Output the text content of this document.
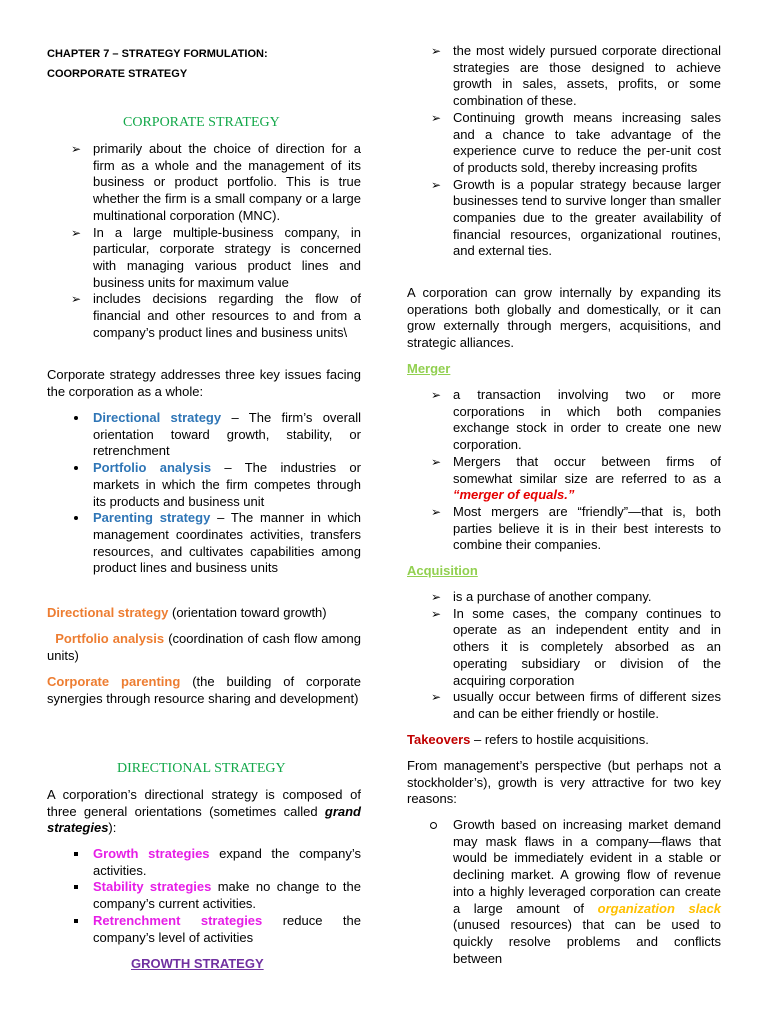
CHAPTER 7 – STRATEGY FORMULATION:
COORPORATE STRATEGY
CORPORATE STRATEGY
➢ primarily about the choice of direction for a firm as a whole and the management of its business or product portfolio. This is true whether the firm is a small company or a large multinational corporation (MNC).
➢ In a large multiple-business company, in particular, corporate strategy is concerned with managing various product lines and business units for maximum value
➢ includes decisions regarding the flow of financial and other resources to and from a company’s product lines and business units\
Corporate strategy addresses three key issues facing the corporation as a whole:
Directional strategy – The firm’s overall orientation toward growth, stability, or retrenchment
Portfolio analysis – The industries or markets in which the firm competes through its products and business unit
Parenting strategy – The manner in which management coordinates activities, transfers resources, and cultivates capabilities among product lines and business units
Directional strategy (orientation toward growth)
Portfolio analysis (coordination of cash flow among units)
Corporate parenting (the building of corporate synergies through resource sharing and development)
DIRECTIONAL STRATEGY
A corporation’s directional strategy is composed of three general orientations (sometimes called grand strategies):
Growth strategies expand the company’s activities.
Stability strategies make no change to the company’s current activities.
Retrenchment strategies reduce the company’s level of activities
GROWTH STRATEGY
➢ the most widely pursued corporate directional strategies are those designed to achieve growth in sales, assets, profits, or some combination of these.
➢ Continuing growth means increasing sales and a chance to take advantage of the experience curve to reduce the per-unit cost of products sold, thereby increasing profits
➢ Growth is a popular strategy because larger businesses tend to survive longer than smaller companies due to the greater availability of financial resources, organizational routines, and external ties.
A corporation can grow internally by expanding its operations both globally and domestically, or it can grow externally through mergers, acquisitions, and strategic alliances.
Merger
➢ a transaction involving two or more corporations in which both companies exchange stock in order to create one new corporation.
➢ Mergers that occur between firms of somewhat similar size are referred to as a “merger of equals.”
➢ Most mergers are “friendly”—that is, both parties believe it is in their best interests to combine their companies.
Acquisition
➢ is a purchase of another company.
➢ In some cases, the company continues to operate as an independent entity and in others it is completely absorbed as an operating subsidiary or division of the acquiring corporation
➢ usually occur between firms of different sizes and can be either friendly or hostile.
Takeovers – refers to hostile acquisitions.
From management’s perspective (but perhaps not a stockholder’s), growth is very attractive for two key reasons:
Growth based on increasing market demand may mask flaws in a company—flaws that would be immediately evident in a stable or declining market. A growing flow of revenue into a highly leveraged corporation can create a large amount of organization slack (unused resources) that can be used to quickly resolve problems and conflicts between
